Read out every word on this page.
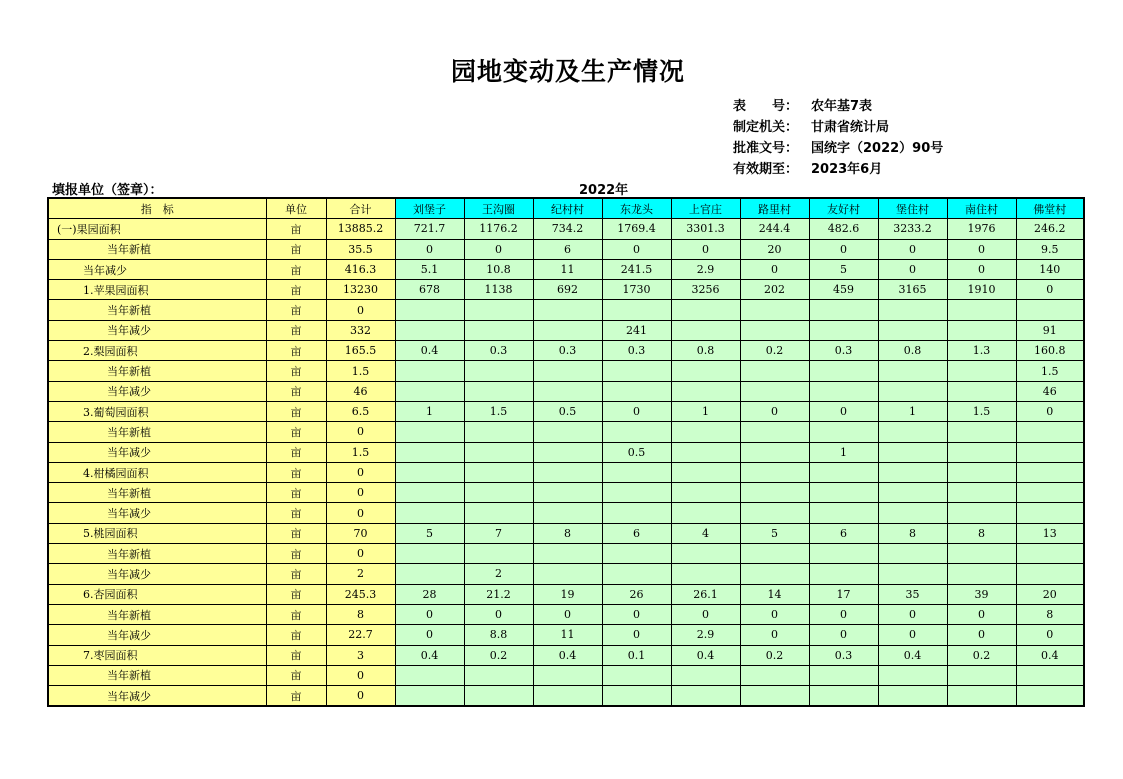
园地变动及生产情况
表　　号： 农年基7表
制定机关： 甘肃省统计局
批准文号： 国统字（2022）90号
有效期至： 2023年6月
填报单位（签章）：	2022年
指　标	单位	合计	刘堡子	王沟圈	纪村村	东龙头	上官庄	路里村	友好村	堡住村	南住村	佛堂村
(一)果园面积	亩	13885.2	721.7	1176.2	734.2	1769.4	3301.3	244.4	482.6	3233.2	1976	246.2
当年新植	亩	35.5	0	0	6	0	0	20	0	0	0	9.5
当年减少	亩	416.3	5.1	10.8	11	241.5	2.9	0	5	0	0	140
1.苹果园面积	亩	13230	678	1138	692	1730	3256	202	459	3165	1910	0
当年新植	亩	0										
当年减少	亩	332				241						91
2.梨园面积	亩	165.5	0.4	0.3	0.3	0.3	0.8	0.2	0.3	0.8	1.3	160.8
当年新植	亩	1.5										1.5
当年减少	亩	46										46
3.葡萄园面积	亩	6.5	1	1.5	0.5	0	1	0	0	1	1.5	0
当年新植	亩	0										
当年减少	亩	1.5				0.5			1			
4.柑橘园面积	亩	0										
当年新植	亩	0										
当年减少	亩	0										
5.桃园面积	亩	70	5	7	8	6	4	5	6	8	8	13
当年新植	亩	0										
当年减少	亩	2		2								
6.杏园面积	亩	245.3	28	21.2	19	26	26.1	14	17	35	39	20
当年新植	亩	8	0	0	0	0	0	0	0	0	0	8
当年减少	亩	22.7	0	8.8	11	0	2.9	0	0	0	0	0
7.枣园面积	亩	3	0.4	0.2	0.4	0.1	0.4	0.2	0.3	0.4	0.2	0.4
当年新植	亩	0										
当年减少	亩	0										
